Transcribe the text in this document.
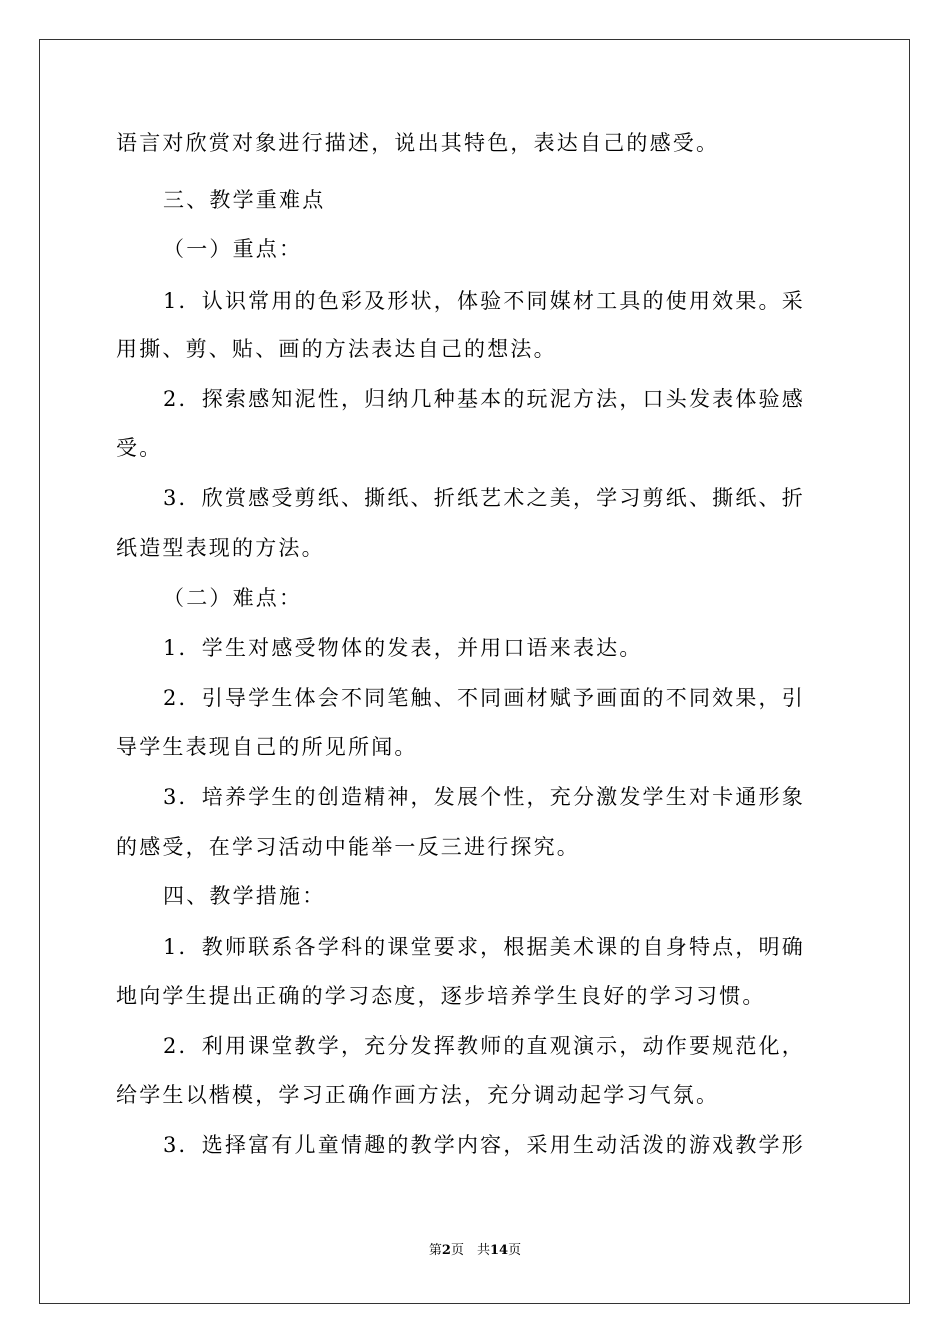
语言对欣赏对象进行描述，说出其特色，表达自己的感受。
三、教学重难点
（一）重点：
1．认识常用的色彩及形状，体验不同媒材工具的使用效果。采
用撕、剪、贴、画的方法表达自己的想法。
2．探索感知泥性，归纳几种基本的玩泥方法，口头发表体验感
受。
3．欣赏感受剪纸、撕纸、折纸艺术之美，学习剪纸、撕纸、折
纸造型表现的方法。
（二）难点：
1．学生对感受物体的发表，并用口语来表达。
2．引导学生体会不同笔触、不同画材赋予画面的不同效果，引
导学生表现自己的所见所闻。
3．培养学生的创造精神，发展个性，充分激发学生对卡通形象
的感受，在学习活动中能举一反三进行探究。
四、教学措施：
1．教师联系各学科的课堂要求，根据美术课的自身特点，明确
地向学生提出正确的学习态度，逐步培养学生良好的学习习惯。
2．利用课堂教学，充分发挥教师的直观演示，动作要规范化，
给学生以楷模，学习正确作画方法，充分调动起学习气氛。
3．选择富有儿童情趣的教学内容，采用生动活泼的游戏教学形
第2页　共14页
